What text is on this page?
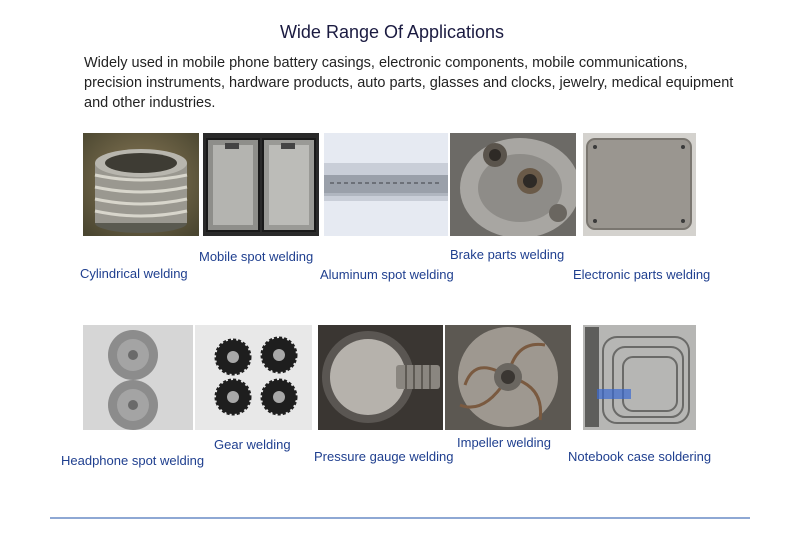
Wide Range Of Applications
Widely used in mobile phone battery casings, electronic components, mobile communications, precision instruments, hardware products, auto parts, glasses and clocks, jewelry, medical equipment and other industries.
Mobile spot welding	Brake parts welding
Cylindrical welding	Aluminum spot welding	Electronic parts welding
Gear welding	Impeller welding
Headphone spot welding	Pressure gauge welding	Notebook case soldering
